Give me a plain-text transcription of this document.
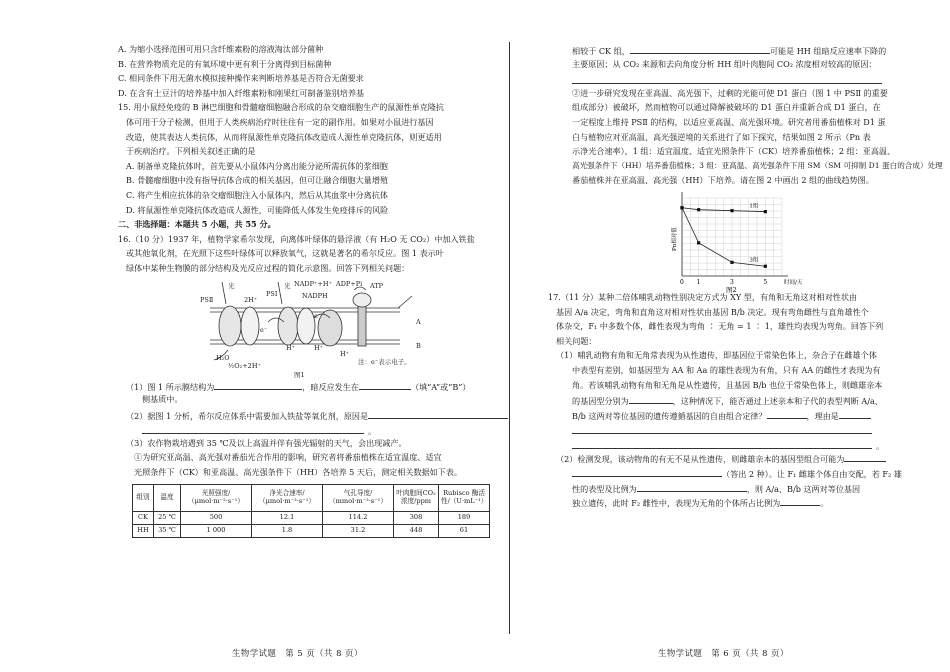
A. 为缩小选择范围可用只含纤维素粉的溶液淘汰部分菌种
B. 在营养物质充足的有氧环境中更有利于分离得到目标菌种
C. 相同条件下用无菌水模拟接种操作来判断培养基是否符合无菌要求
D. 在含有土豆汁的培养基中加入纤维素粉和刚果红可制备鉴别培养基
15. 用小鼠经免疫的 B 淋巴细胞和骨髓瘤细胞融合形成的杂交瘤细胞生产的鼠源性单克隆抗
体可用于分子检测，但用于人类疾病治疗时往往有一定的副作用。如果对小鼠进行基因
改造，使其表达人类抗体，从而将鼠源性单克隆抗体改造成人源性单克隆抗体，则更适用
于疾病治疗。下列相关叙述正确的是
A. 制备单克隆抗体时，首先要从小鼠体内分离出能分泌所需抗体的浆细胞
B. 骨髓瘤细胞中没有指导抗体合成的相关基因，但可让融合细胞大量增殖
C. 将产生相应抗体的杂交瘤细胞注入小鼠体内，然后从其血浆中分离抗体
D. 将鼠源性单克隆抗体改造成人源性，可能降低人体发生免疫排斥的风险
二、非选择题：本题共 5 小题，共 55 分。
16.（10 分）1937 年，植物学家希尔发现，向离体叶绿体的悬浮液（有 H₂O 无 CO₂）中加入铁盐
或其他氧化剂，在光照下这些叶绿体可以释放氧气，这就是著名的希尔反应。图 1 表示叶
绿体中某种生物膜的部分结构及光反应过程的简化示意图。回答下列相关问题：
PSⅡ
光
2H⁺
PSⅠ
光 NADP⁺+H⁺
NADPH
ADP+Pi ATP
A
B
H₂O
½O₂+2H⁺
H⁺	H⁺
H⁺
注：e⁻表示电子。
e⁻
e⁻
图1
（1）图 1 所示膜结构为	，暗反应发生在	（填“A”或“B”）
侧基质中。
（2）据图 1 分析，希尔反应体系中需要加入铁盐等氧化剂，原因是
。
（3）农作物栽培遇到 35 ℃及以上高温并伴有强光辐射的天气，会出现减产。
①为研究亚高温、高光强对番茄光合作用的影响，研究者将番茄植株在适宜温度、适宜
光照条件下（CK）和亚高温、高光强条件下（HH）各培养 5 天后，测定相关数据如下表。
组别	温度	光照强度/（μmol·m⁻²·s⁻¹）	净光合速率/（μmol·m⁻²·s⁻¹）	气孔导度/（mmol·m⁻²·s⁻¹）	叶肉胞间CO₂ 浓度/ppm	Rubisco 酶活性/（U·mL⁻¹）
CK	25 ℃	500	12.1	114.2	308	189
HH	35 ℃	1 000	1.8	31.2	448	61
生物学试题　第 5 页（共 8 页）
相较于 CK 组，	可能是 HH 组暗反应速率下降的
主要原因；从 CO₂ 来源和去向角度分析 HH 组叶肉胞间 CO₂ 浓度相对较高的原因：
②进一步研究发现在亚高温、高光强下，过剩的光能可使 D1 蛋白（图 1 中 PSⅡ 的重要
组成部分）被破坏，然而植物可以通过降解被破坏的 D1 蛋白并重新合成 D1 蛋白，在
一定程度上维持 PSⅡ 的结构，以适应亚高温、高光强环境。研究者用番茄植株对 D1 蛋
白与植物应对亚高温、高光强逆境的关系进行了如下探究，结果如图 2 所示（Pn 表
示净光合速率），1 组：适宜温度、适宜光照条件下（CK）培养番茄植株；2 组：亚高温、
高光强条件下（HH）培养番茄植株；3 组：亚高温、高光强条件下用 SM（SM 可抑制 D1 蛋白的合成）处理
番茄植株并在亚高温、高光强（HH）下培养。请在图 2 中画出 2 组的曲线趋势图。
0 1	3	5	时间/天
Pn相对值
1组
3组
图2
17.（11 分）某种二倍体哺乳动物性别决定方式为 XY 型，有角和无角这对相对性状由
基因 A/a 决定，弯角和直角这对相对性状由基因 B/b 决定。现有弯角雌性与直角雄性个
体杂交，F₁ 中多数个体，雌性表现为弯角 ∶ 无角 = 1 ∶ 1，雄性均表现为弯角。回答下列
相关问题：
（1）哺乳动物有角和无角常表现为从性遗传，即基因位于常染色体上，杂合子在雌雄个体
中表型有差别，如基因型为 AA 和 Aa 的雄性表现为有角，只有 AA 的雌性才表现为有
角。若该哺乳动物有角和无角是从性遗传，且基因 B/b 也位于常染色体上，则雌雄亲本
的基因型分别为	，这种情况下，能否通过上述亲本和子代的表型判断 A/a、
B/b 这两对等位基因的遗传遵循基因的自由组合定律？	，理由是
。
（2）检测发现，该动物角的有无不是从性遗传，则雌雄亲本的基因型组合可能为
（答出 2 种）。让 F₁ 雌雄个体自由交配，若 F₂ 雄
性的表型及比例为	，则 A/a、B/b 这两对等位基因
独立遗传，此时 F₂ 雌性中，表现为无角的个体所占比例为	。
生物学试题　第 6 页（共 8 页）
